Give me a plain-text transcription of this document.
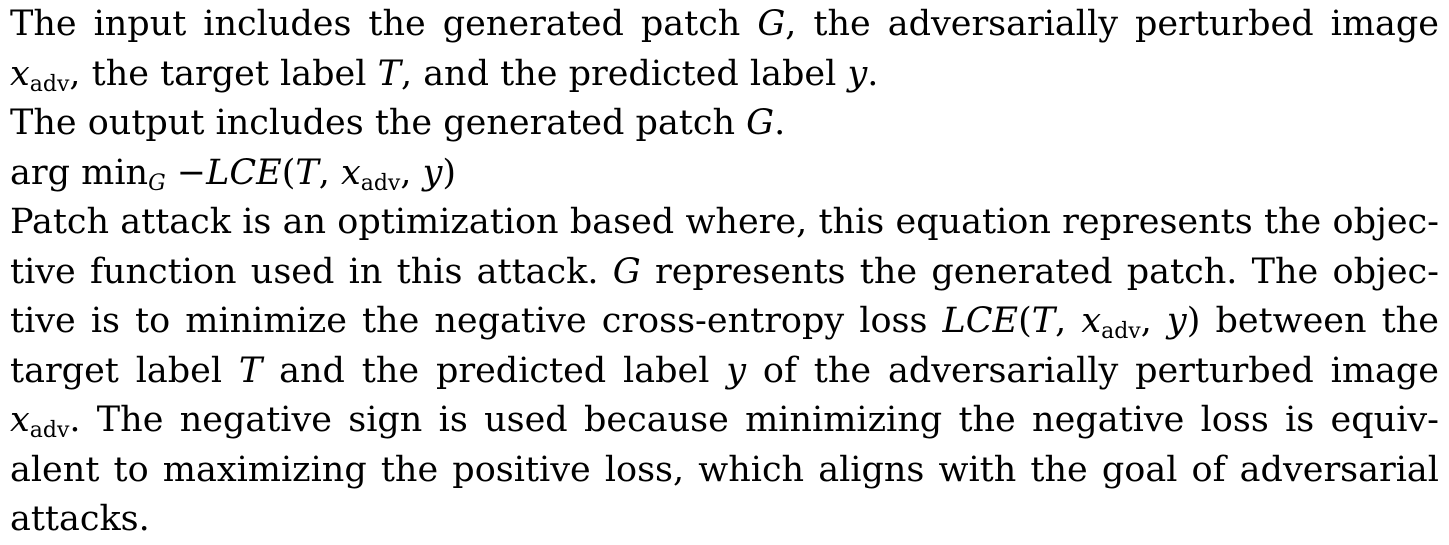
The input includes the generated patch G, the adversarially perturbed image
xadv, the target label T, and the predicted label y.
The output includes the generated patch G.
arg minG −LCE(T, xadv, y)
Patch attack is an optimization based where, this equation represents the objec-
tive function used in this attack. G represents the generated patch. The objec-
tive is to minimize the negative cross-entropy loss LCE(T, xadv, y) between the
target label T and the predicted label y of the adversarially perturbed image
xadv. The negative sign is used because minimizing the negative loss is equiv-
alent to maximizing the positive loss, which aligns with the goal of adversarial
attacks.
